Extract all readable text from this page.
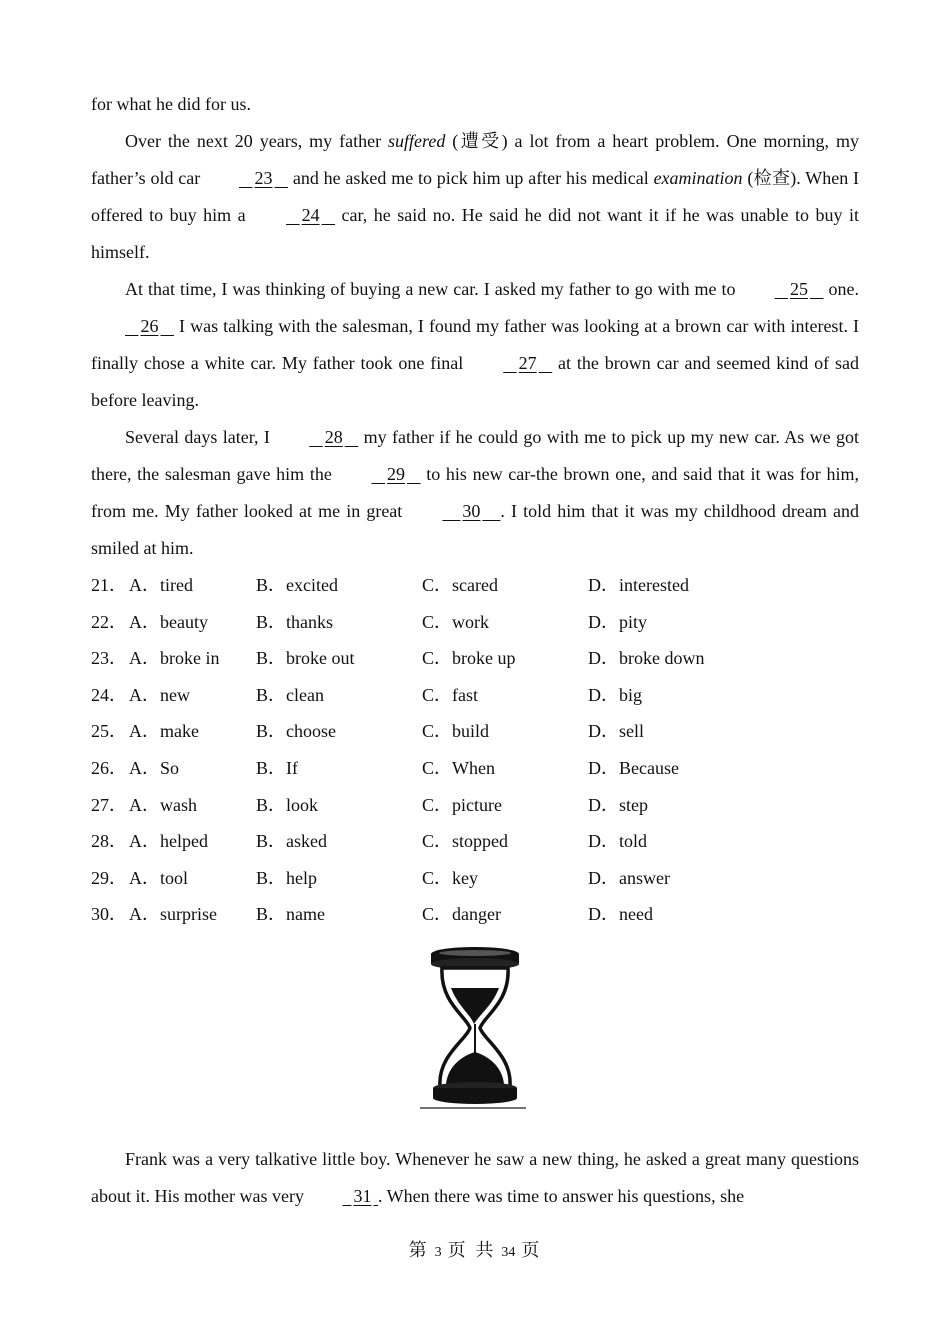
for what he did for us.

Over the next 20 years, my father suffered (遭受) a lot from a heart problem. One morning, my father’s old car	23    and he asked me to pick him up after his medical examination (检查). When I offered to buy him a	24    car, he said no. He said he did not want it if he was unable to buy it himself.

At that time, I was thinking of buying a new car. I asked my father to go with me to	25    one.    26    I was talking with the salesman, I found my father was looking at a brown car with interest. I finally chose a white car. My father took one final	27    at the brown car and seemed kind of sad before leaving.

Several days later, I	28    my father if he could go with me to pick up my new car. As we got there, the salesman gave him the	29    to his new car-the brown one, and said that it was for him, from me. My father looked at me in great	30 . I told him that it was my childhood dream and smiled at him.

21． A．tired	B．excited	C．scared	D．interested
22． A．beauty	B．thanks	C．work	D．pity
23． A．broke in B．broke out	C．broke up	D．broke down
24． A．new	B．clean	C．fast	D．big
25． A．make	B．choose	C．build	D．sell
26． A．So	B．If	C．When	D．Because
27． A．wash	B．look	C．picture	D．step
28． A．helped	B．asked	C．stopped	D．told
29． A．tool	B．help	C．key	D．answer
30． A．surprise B．name	C．danger	D．need

Frank was a very talkative little boy. Whenever he saw a new thing, he asked a great many questions about it. His mother was very	31 . When there was time to answer his questions, she

第 3 页 共 34 页
